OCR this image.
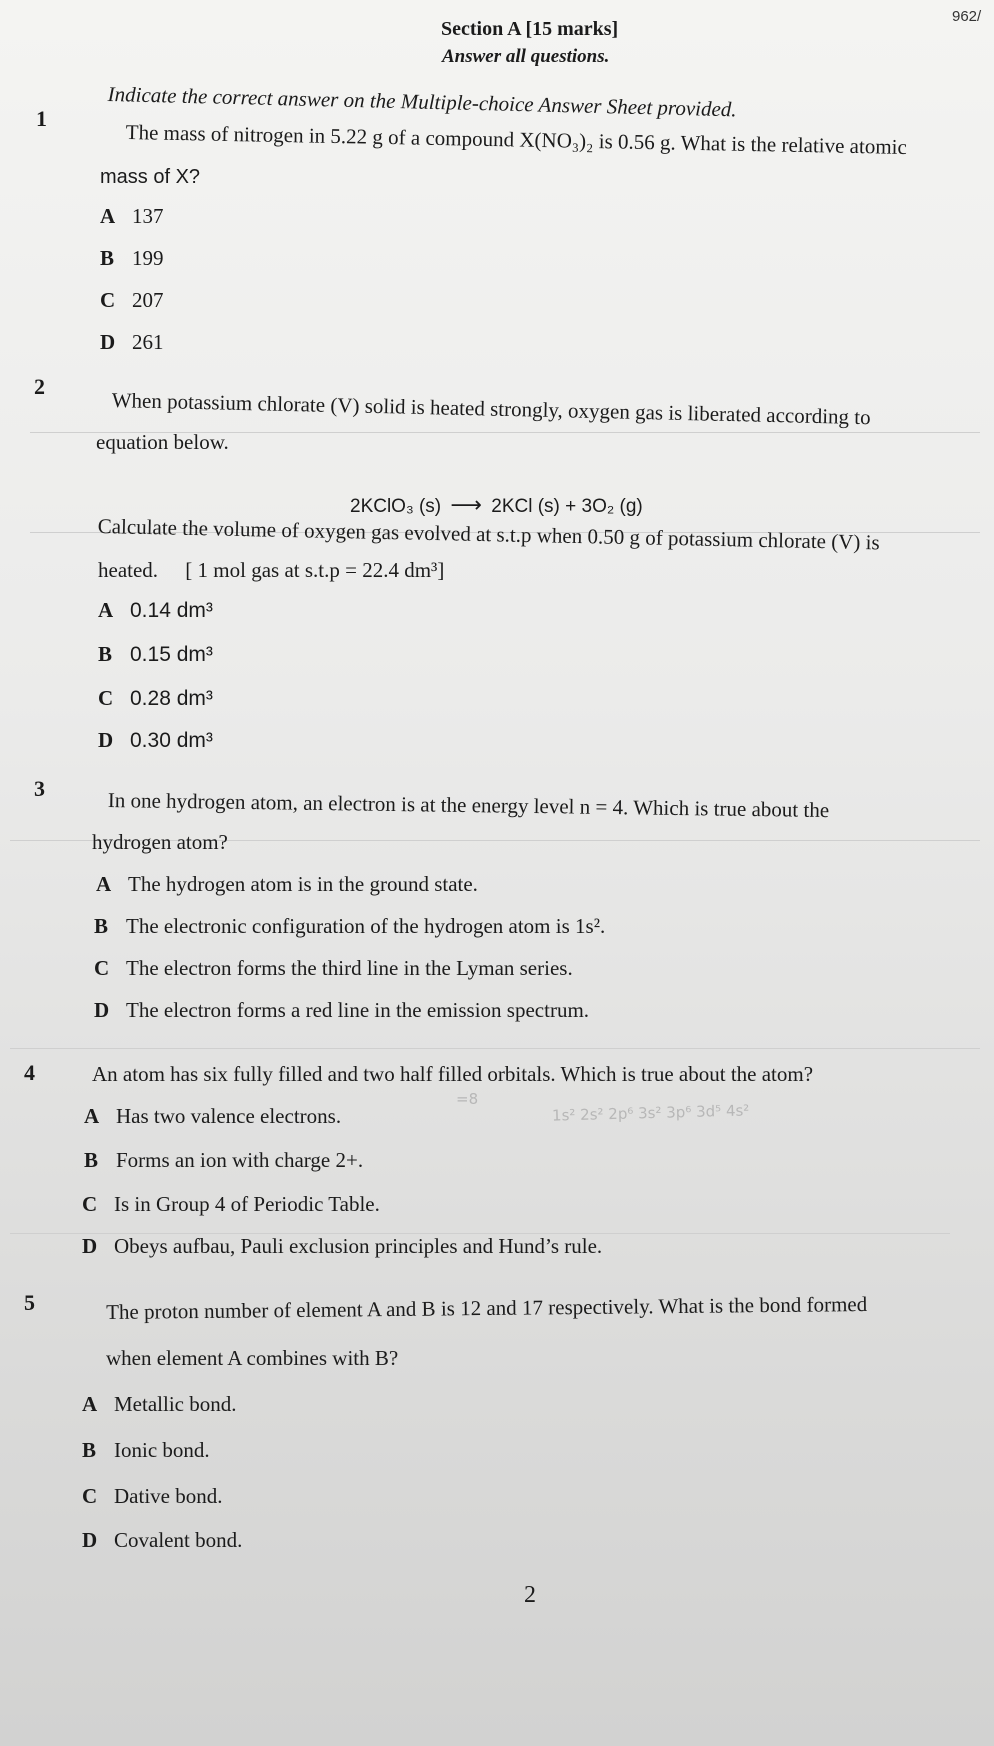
962/
Section A [15 marks]
Answer all questions.
Indicate the correct answer on the Multiple-choice Answer Sheet provided.
1
The mass of nitrogen in 5.22 g of a compound X(NO₃)₂ is 0.56 g. What is the relative atomic
mass of X?
A 137
B 199
C 207
D 261
2
When potassium chlorate (V) solid is heated strongly, oxygen gas is liberated according to
equation below.
2KClO₃ (s) ⟶ 2KCl (s) + 3O₂ (g)
Calculate the volume of oxygen gas evolved at s.t.p when 0.50 g of potassium chlorate (V) is
heated. [ 1 mol gas at s.t.p = 22.4 dm³]
A 0.14 dm³
B 0.15 dm³
C 0.28 dm³
D 0.30 dm³
3	In one hydrogen atom, an electron is at the energy level n = 4. Which is true about the
hydrogen atom?
A The hydrogen atom is in the ground state.
B The electronic configuration of the hydrogen atom is 1s².
C The electron forms the third line in the Lyman series.
D The electron forms a red line in the emission spectrum.
4	An atom has six fully filled and two half filled orbitals. Which is true about the atom?
A Has two valence electrons.
B Forms an ion with charge 2+.
C Is in Group 4 of Periodic Table.
D Obeys aufbau, Pauli exclusion principles and Hund’s rule.
=8
1s² 2s² 2p⁶ 3s² 3p⁶ 3d⁵ 4s²
5	The proton number of element A and B is 12 and 17 respectively. What is the bond formed
when element A combines with B?
A Metallic bond.
B Ionic bond.
C Dative bond.
D Covalent bond.
2
